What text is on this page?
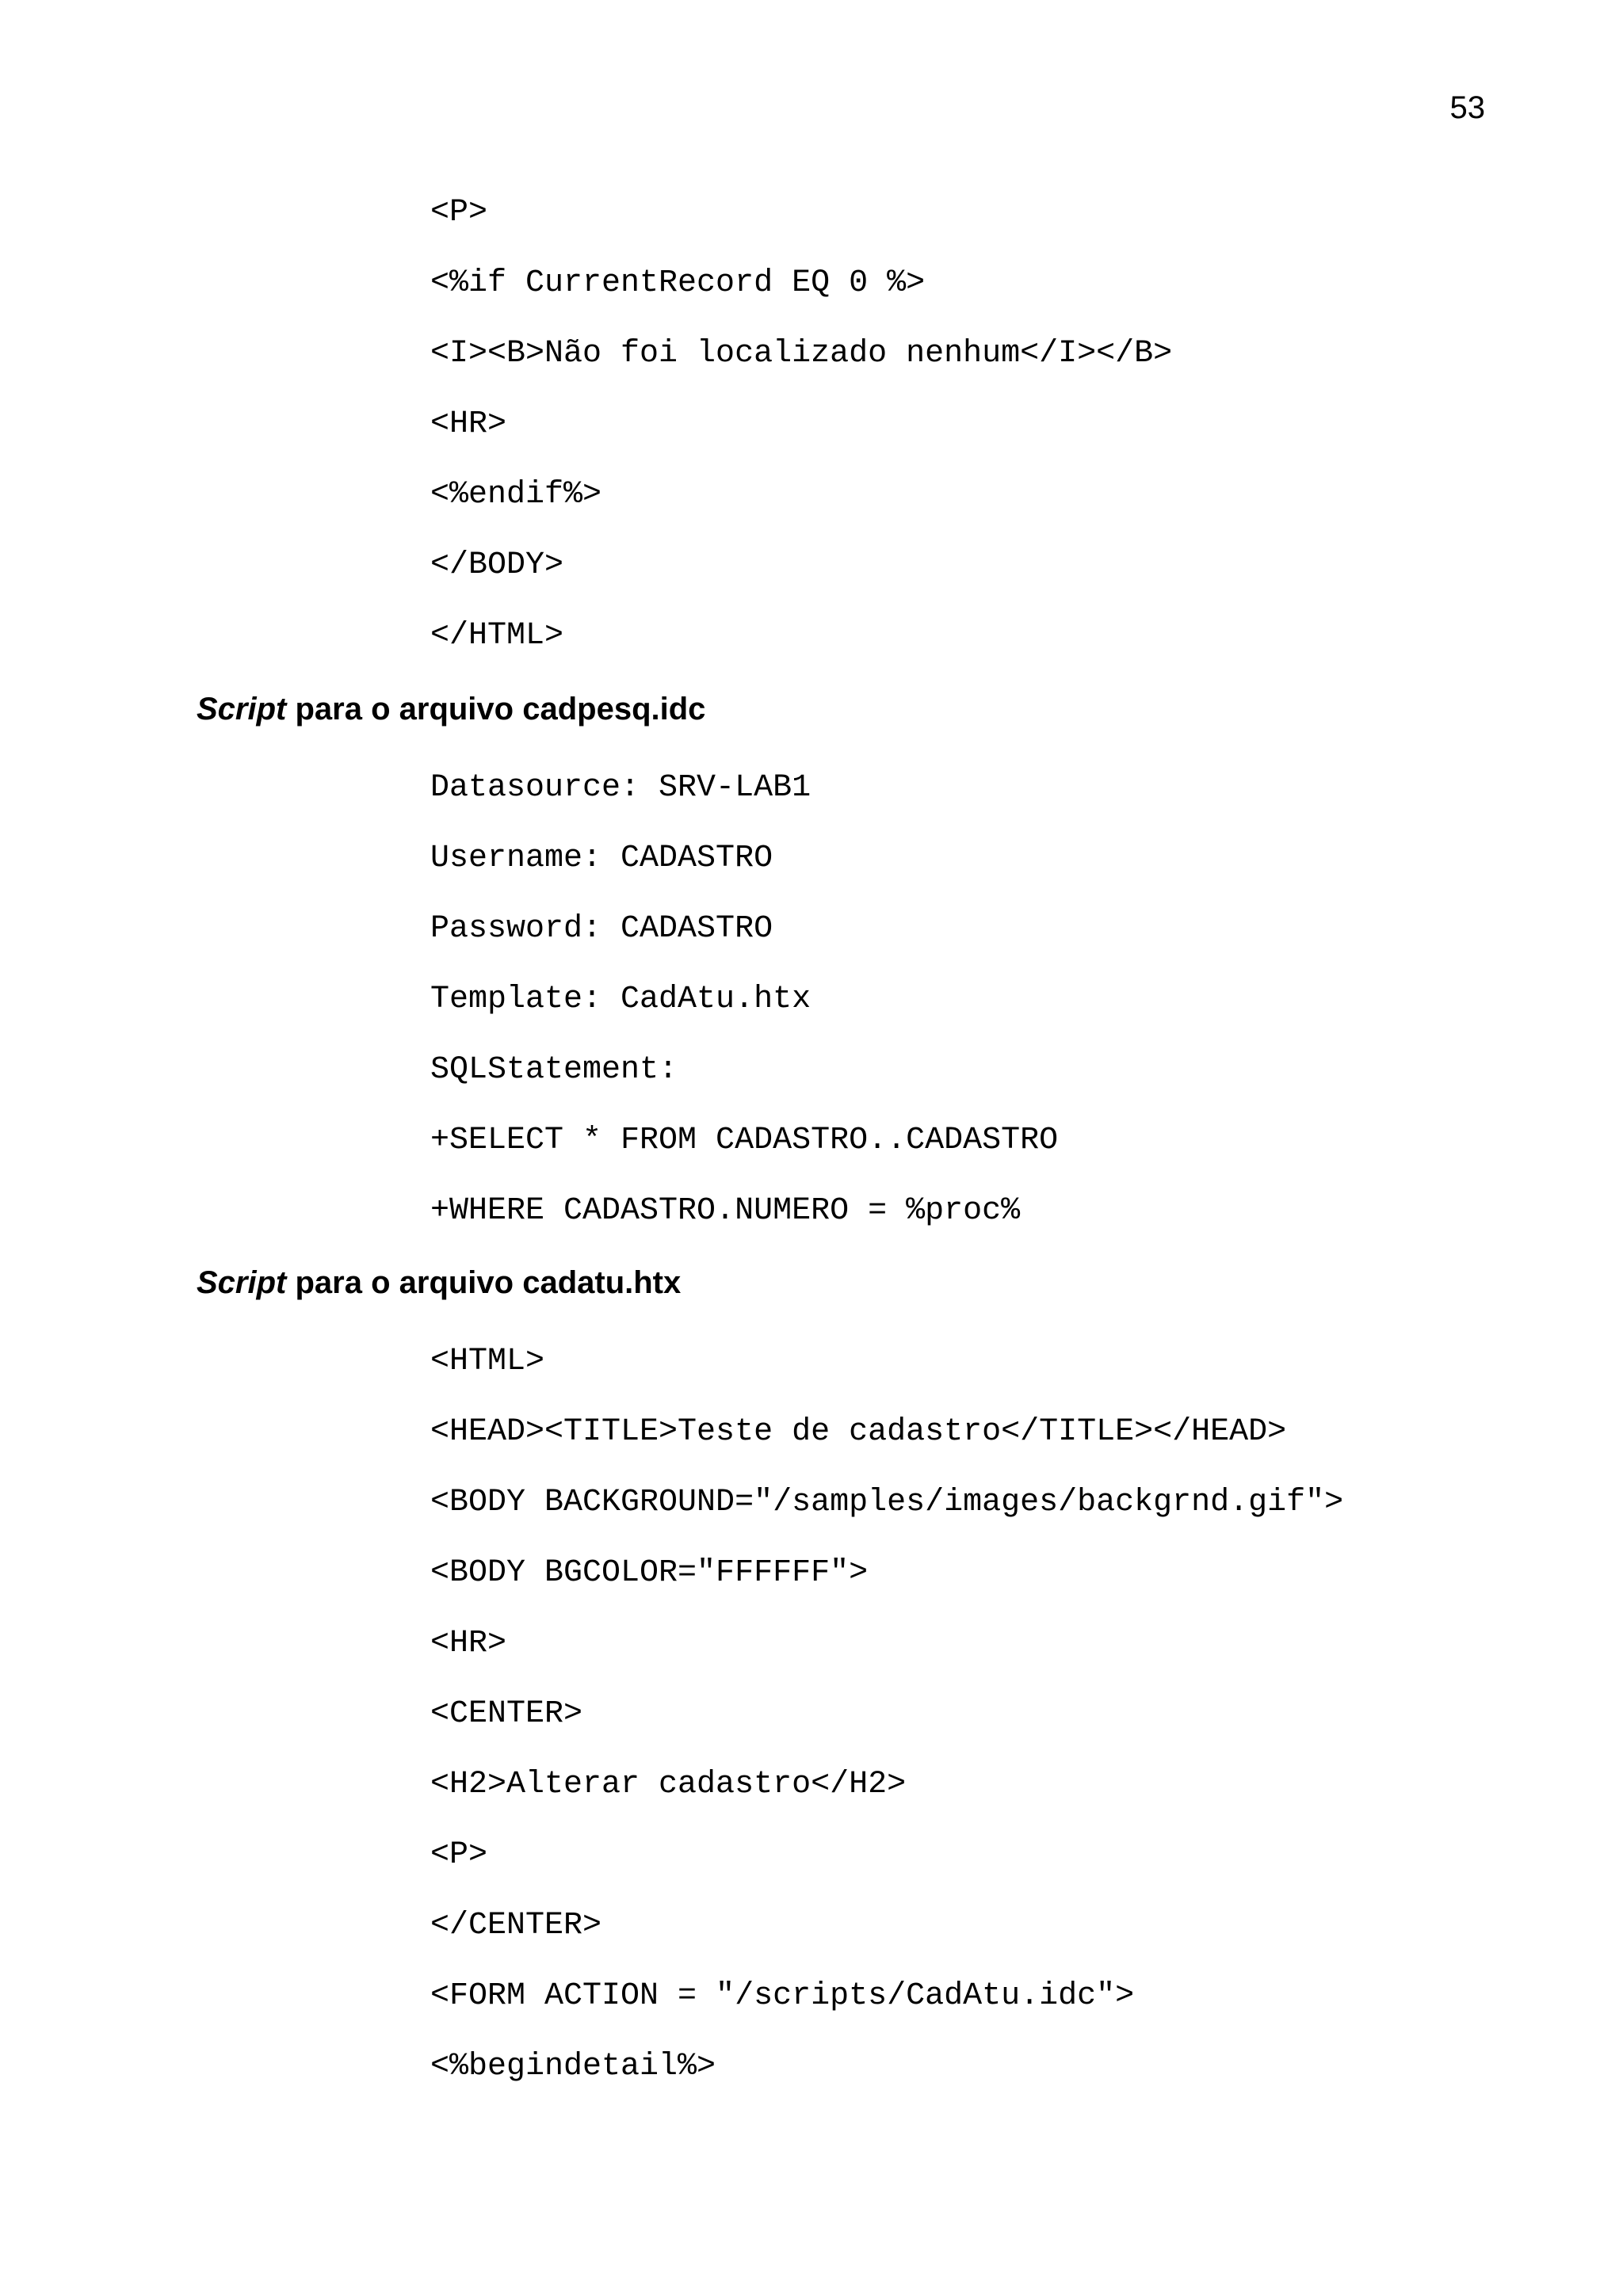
53
<P>
<%if CurrentRecord EQ 0 %>
<I><B>Não foi localizado nenhum</I></B>
<HR>
<%endif%>
</BODY>
</HTML>
Script para o arquivo cadpesq.idc
Datasource: SRV-LAB1
Username: CADASTRO
Password: CADASTRO
Template: CadAtu.htx
SQLStatement:
+SELECT * FROM CADASTRO..CADASTRO
+WHERE CADASTRO.NUMERO = %proc%
Script para o arquivo cadatu.htx
<HTML>
<HEAD><TITLE>Teste de cadastro</TITLE></HEAD>
<BODY BACKGROUND="/samples/images/backgrnd.gif">
<BODY BGCOLOR="FFFFFF">
<HR>
<CENTER>
<H2>Alterar cadastro</H2>
<P>
</CENTER>
<FORM ACTION = "/scripts/CadAtu.idc">
<%begindetail%>
